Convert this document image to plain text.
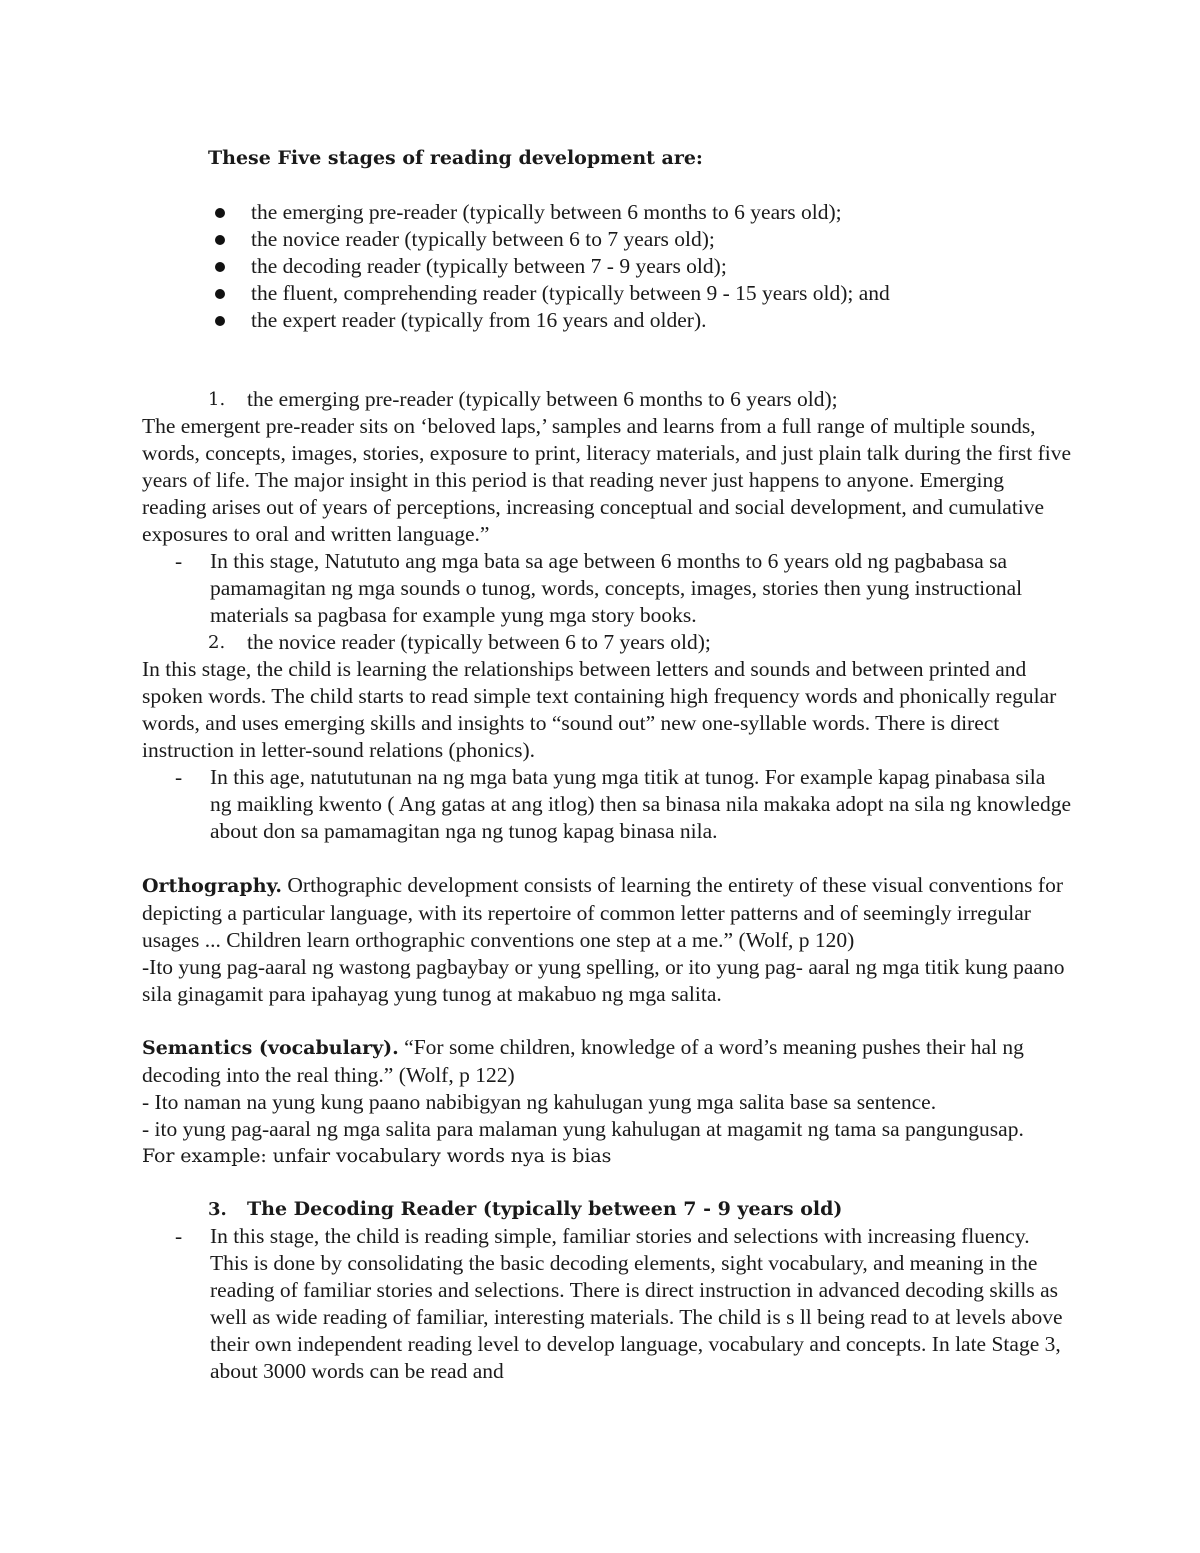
These Five stages of reading development are:

the emerging pre-reader (typically between 6 months to 6 years old);
the novice reader (typically between 6 to 7 years old);
the decoding reader (typically between 7 - 9 years old);
the fluent, comprehending reader (typically between 9 - 15 years old); and
the expert reader (typically from 16 years and older).
1.	the emerging pre-reader (typically between 6 months to 6 years old);

The emergent pre-reader sits on ‘beloved laps,’ samples and learns from a full range of multiple sounds, words, concepts, images, stories, exposure to print, literacy materials, and just plain talk during the first five years of life. The major insight in this period is that reading never just happens to anyone. Emerging reading arises out of years of perceptions, increasing conceptual and social development, and cumulative exposures to oral and written language.”

-	In this stage, Natututo ang mga bata sa age between 6 months to 6 years old ng pagbabasa sa pamamagitan ng mga sounds o tunog, words, concepts, images, stories then yung instructional materials sa pagbasa for example yung mga story books.
2.	the novice reader (typically between 6 to 7 years old);

In this stage, the child is learning the relationships between letters and sounds and between printed and spoken words. The child starts to read simple text containing high frequency words and phonically regular words, and uses emerging skills and insights to “sound out” new one-syllable words. There is direct instruction in letter-sound relations (phonics).

-	In this age, natututunan na ng mga bata yung mga titik at tunog. For example kapag pinabasa sila ng maikling kwento ( Ang gatas at ang itlog) then sa binasa nila makaka adopt na sila ng knowledge about don sa pamamagitan nga ng tunog kapag binasa nila.

Orthography. Orthographic development consists of learning the entirety of these visual conventions for depicting a particular language, with its repertoire of common letter patterns and of seemingly irregular usages ... Children learn orthographic conventions one step at a me.” (Wolf, p 120)

-Ito yung pag-aaral ng wastong pagbaybay or yung spelling, or ito yung pag- aaral ng mga titik kung paano sila ginagamit para ipahayag yung tunog at makabuo ng mga salita.

Semantics (vocabulary). “For some children, knowledge of a word’s meaning pushes their hal ng decoding into the real thing.” (Wolf, p 122)

- Ito naman na yung kung paano nabibigyan ng kahulugan yung mga salita base sa sentence.

- ito yung pag-aaral ng mga salita para malaman yung kahulugan at magamit ng tama sa pangungusap.

For example: unfair vocabulary words nya is bias

3.	The Decoding Reader (typically between 7 - 9 years old)
-	In this stage, the child is reading simple, familiar stories and selections with increasing fluency. This is done by consolidating the basic decoding elements, sight vocabulary, and meaning in the reading of familiar stories and selections. There is direct instruction in advanced decoding skills as well as wide reading of familiar, interesting materials. The child is s ll being read to at levels above their own independent reading level to develop language, vocabulary and concepts. In late Stage 3, about 3000 words can be read and
